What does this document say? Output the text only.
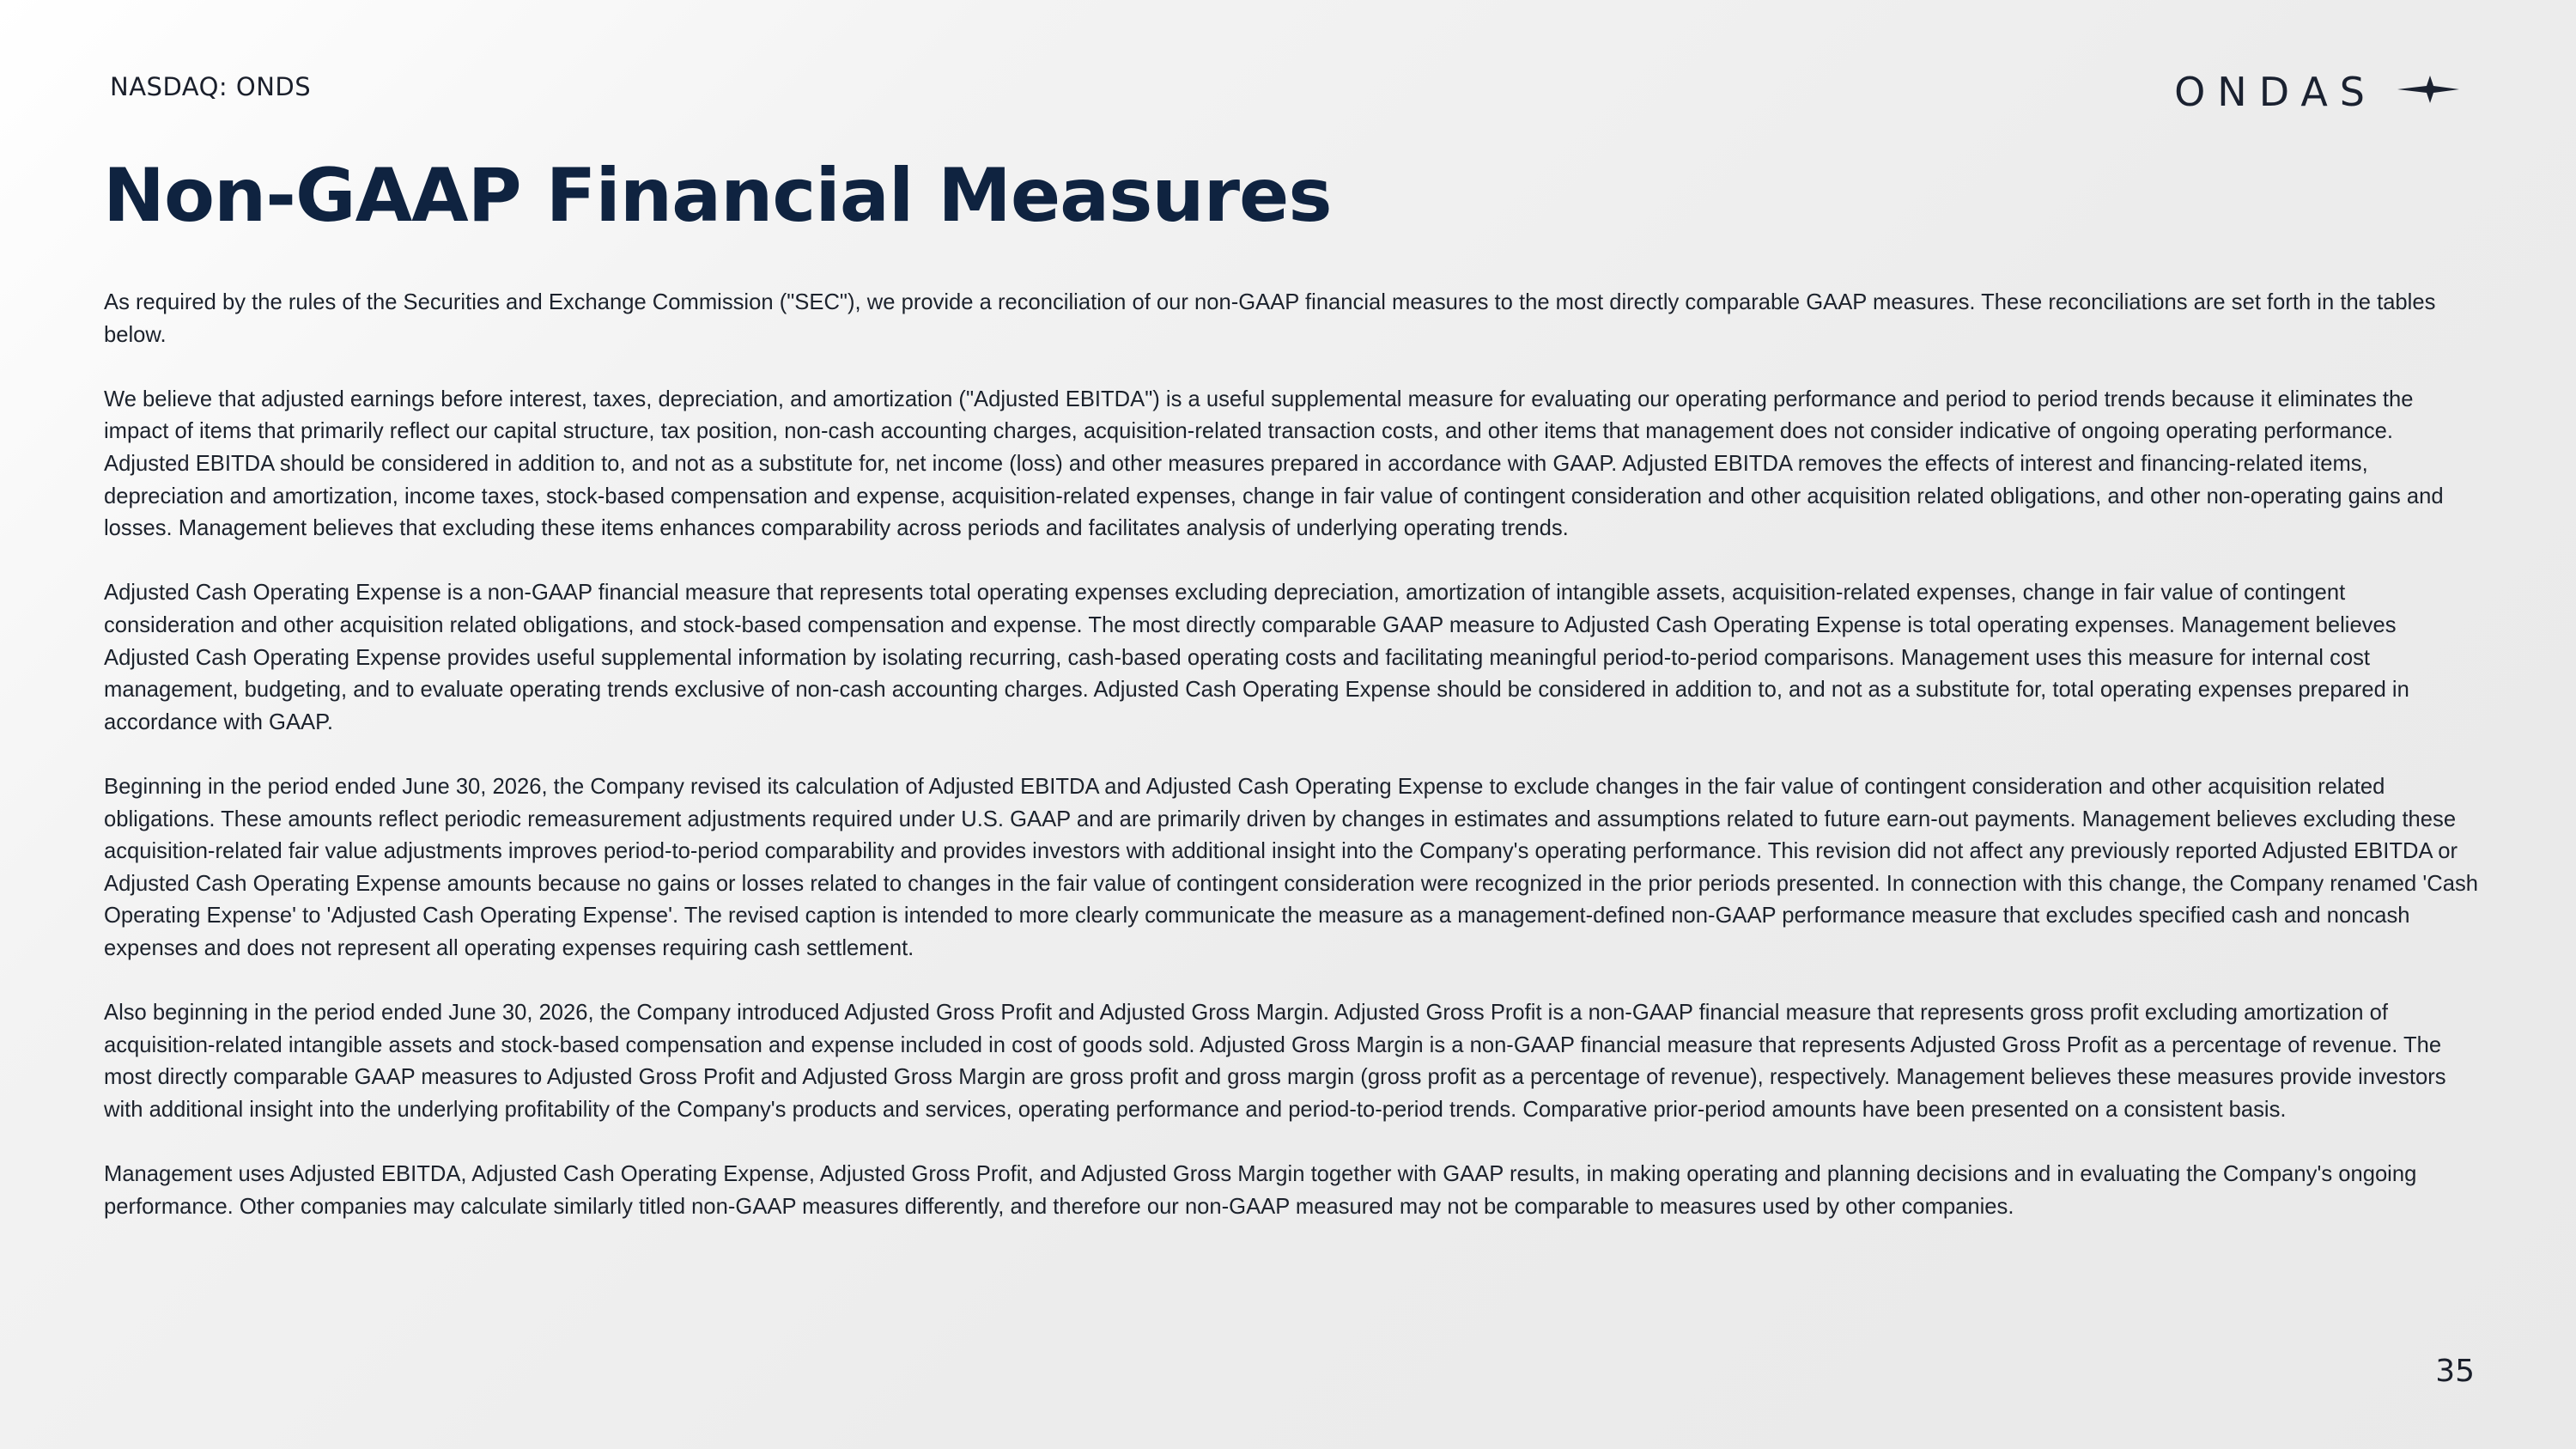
NASDAQ: ONDS	ONDAS
Non-GAAP Financial Measures

As required by the rules of the Securities and Exchange Commission ("SEC"), we provide a reconciliation of our non-GAAP financial measures to the most directly comparable GAAP measures. These reconciliations are set forth in the tables below.

We believe that adjusted earnings before interest, taxes, depreciation, and amortization ("Adjusted EBITDA") is a useful supplemental measure for evaluating our operating performance and period to period trends because it eliminates the impact of items that primarily reflect our capital structure, tax position, non-cash accounting charges, acquisition-related transaction costs, and other items that management does not consider indicative of ongoing operating performance. Adjusted EBITDA should be considered in addition to, and not as a substitute for, net income (loss) and other measures prepared in accordance with GAAP. Adjusted EBITDA removes the effects of interest and financing-related items, depreciation and amortization, income taxes, stock-based compensation and expense, acquisition-related expenses, change in fair value of contingent consideration and other acquisition related obligations, and other non-operating gains and losses. Management believes that excluding these items enhances comparability across periods and facilitates analysis of underlying operating trends.

Adjusted Cash Operating Expense is a non-GAAP financial measure that represents total operating expenses excluding depreciation, amortization of intangible assets, acquisition-related expenses, change in fair value of contingent consideration and other acquisition related obligations, and stock-based compensation and expense. The most directly comparable GAAP measure to Adjusted Cash Operating Expense is total operating expenses. Management believes Adjusted Cash Operating Expense provides useful supplemental information by isolating recurring, cash-based operating costs and facilitating meaningful period-to-period comparisons. Management uses this measure for internal cost management, budgeting, and to evaluate operating trends exclusive of non-cash accounting charges. Adjusted Cash Operating Expense should be considered in addition to, and not as a substitute for, total operating expenses prepared in accordance with GAAP.

Beginning in the period ended June 30, 2026, the Company revised its calculation of Adjusted EBITDA and Adjusted Cash Operating Expense to exclude changes in the fair value of contingent consideration and other acquisition related obligations. These amounts reflect periodic remeasurement adjustments required under U.S. GAAP and are primarily driven by changes in estimates and assumptions related to future earn-out payments. Management believes excluding these acquisition-related fair value adjustments improves period-to-period comparability and provides investors with additional insight into the Company's operating performance. This revision did not affect any previously reported Adjusted EBITDA or Adjusted Cash Operating Expense amounts because no gains or losses related to changes in the fair value of contingent consideration were recognized in the prior periods presented. In connection with this change, the Company renamed 'Cash Operating Expense' to 'Adjusted Cash Operating Expense'. The revised caption is intended to more clearly communicate the measure as a management-defined non-GAAP performance measure that excludes specified cash and noncash expenses and does not represent all operating expenses requiring cash settlement.

Also beginning in the period ended June 30, 2026, the Company introduced Adjusted Gross Profit and Adjusted Gross Margin. Adjusted Gross Profit is a non-GAAP financial measure that represents gross profit excluding amortization of acquisition-related intangible assets and stock-based compensation and expense included in cost of goods sold. Adjusted Gross Margin is a non-GAAP financial measure that represents Adjusted Gross Profit as a percentage of revenue. The most directly comparable GAAP measures to Adjusted Gross Profit and Adjusted Gross Margin are gross profit and gross margin (gross profit as a percentage of revenue), respectively. Management believes these measures provide investors with additional insight into the underlying profitability of the Company's products and services, operating performance and period-to-period trends. Comparative prior-period amounts have been presented on a consistent basis.

Management uses Adjusted EBITDA, Adjusted Cash Operating Expense, Adjusted Gross Profit, and Adjusted Gross Margin together with GAAP results, in making operating and planning decisions and in evaluating the Company's ongoing performance. Other companies may calculate similarly titled non-GAAP measures differently, and therefore our non-GAAP measured may not be comparable to measures used by other companies.

35
